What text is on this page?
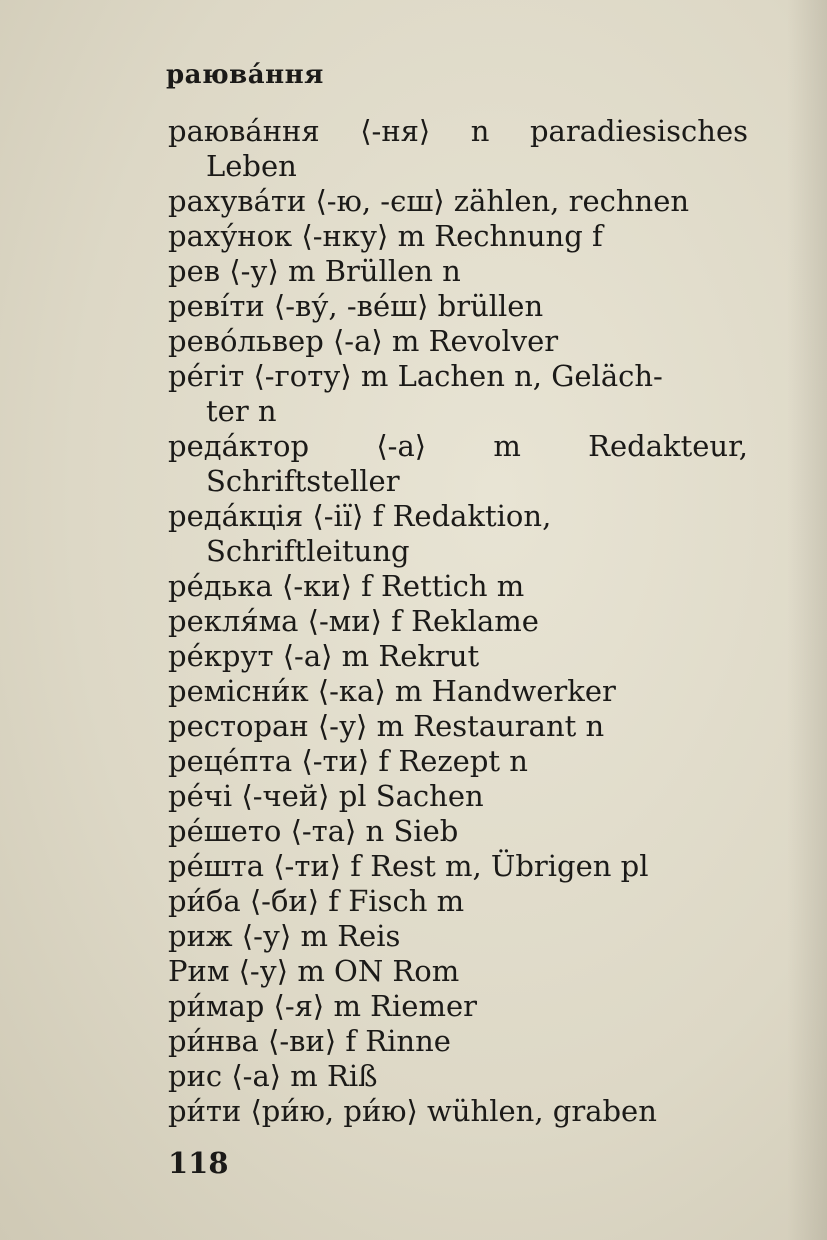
раюва́ння
раюва́ння ⟨-ня⟩ n paradiesisches
Leben
рахува́ти ⟨-ю, -єш⟩ zählen, rechnen
раху́нок ⟨-нку⟩ m Rechnung f
рев ⟨-у⟩ m Brüllen n
реві́ти ⟨-ву́, -ве́ш⟩ brüllen
рево́львер ⟨-а⟩ m Revolver
ре́гіт ⟨-готу⟩ m Lachen n, Geläch-
ter n
реда́ктор ⟨-а⟩ m Redakteur,
Schriftsteller
реда́кція ⟨-ії⟩ f Redaktion,
Schriftleitung
ре́дька ⟨-ки⟩ f Rettich m
рекля́ма ⟨-ми⟩ f Reklame
ре́крут ⟨-а⟩ m Rekrut
ремісни́к ⟨-ка⟩ m Handwerker
ресторан ⟨-у⟩ m Restaurant n
реце́пта ⟨-ти⟩ f Rezept n
ре́чі ⟨-чей⟩ pl Sachen
ре́шето ⟨-та⟩ n Sieb
ре́шта ⟨-ти⟩ f Rest m, Übrigen pl
ри́ба ⟨-би⟩ f Fisch m
риж ⟨-у⟩ m Reis
Рим ⟨-у⟩ m ON Rom
ри́мар ⟨-я⟩ m Riemer
ри́нва ⟨-ви⟩ f Rinne
рис ⟨-а⟩ m Riß
ри́ти ⟨ри́ю, ри́ю⟩ wühlen, graben
118
